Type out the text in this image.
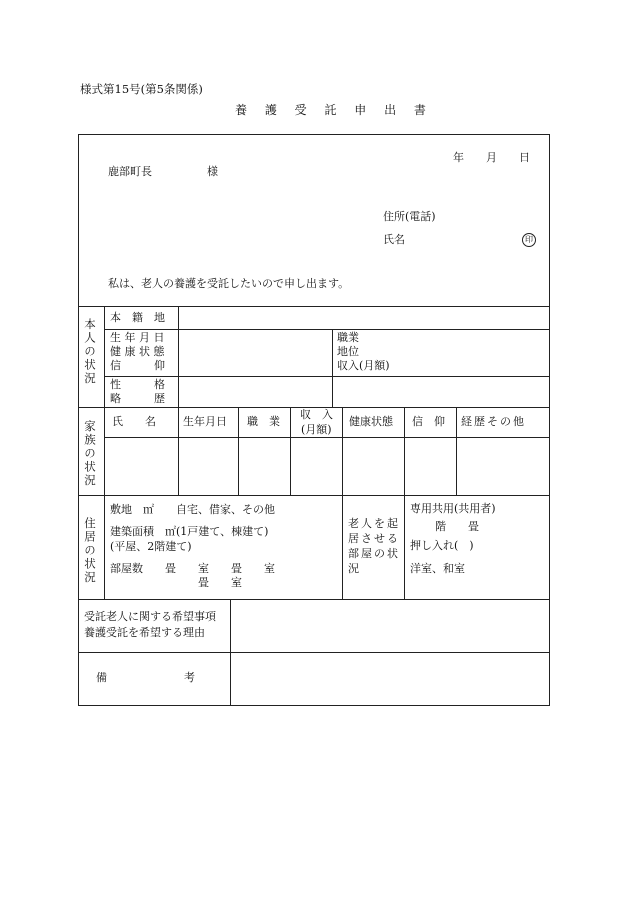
様式第15号(第5条関係)
養 護 受 託 申 出 書
年　　月　　日
鹿部町長　　　　　様
住所(電話)
氏名	印
私は、老人の養護を受託したいので申し出ます。
本人の状況
本　籍　地
生 年 月 日
健 康 状 態
信　　　仰
職業
地位
収入(月額)
性　　　格
略　　　歴
家族の状況 氏　　名 生年月日 職　業
収　入
(月額)
健康状態 信　仰 経歴その他
住居の状況
敷地　㎡　　自宅、借家、その他
建築面積　㎡(1戸建て、棟建て)
(平屋、2階建て)
部屋数　　畳　　室　　畳　　室
畳　　室
老人を起
居させる
部屋の状
況
専用共用(共用者)
階　　畳
押し入れ(　)
洋室、和室
受託老人に関する希望事項
養護受託を希望する理由
備　　　　　　　考
